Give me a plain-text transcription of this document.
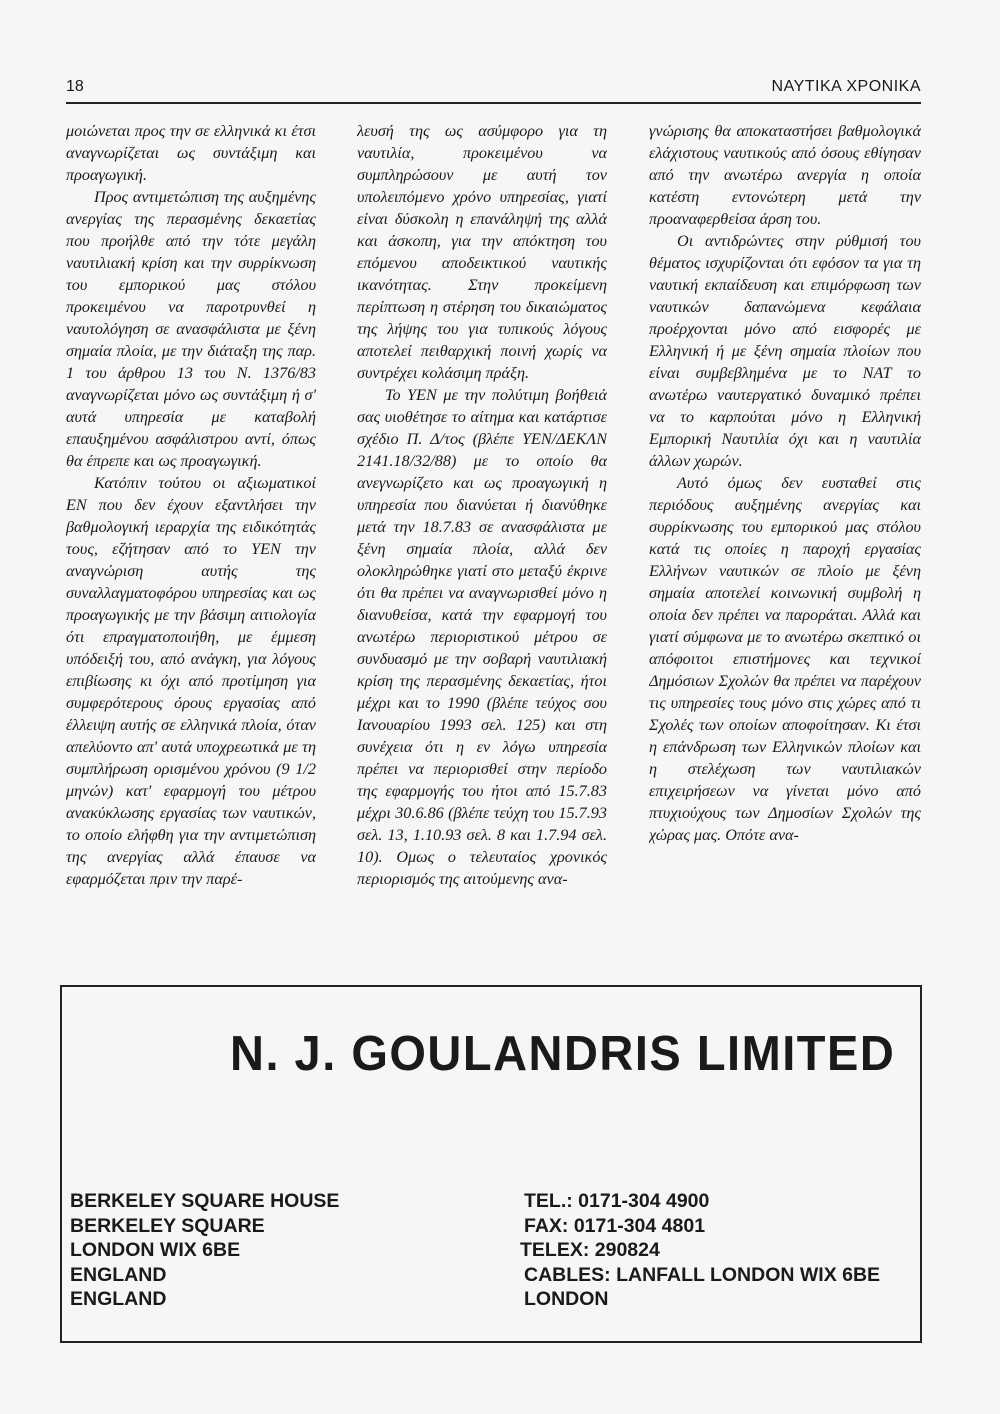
18	ΝΑΥΤΙΚΑ ΧΡΟΝΙΚΑ

μοιώνεται προς την σε ελληνικά κι έτσι αναγνωρίζεται ως συντάξιμη και προαγωγική.

Προς αντιμετώπιση της αυξημένης ανεργίας της περασμένης δεκαετίας που προήλθε από την τότε μεγάλη ναυτιλιακή κρίση και την συρρίκνωση του εμπορικού μας στόλου προκειμένου να παροτρυνθεί η ναυτολόγηση σε ανασφάλιστα με ξένη σημαία πλοία, με την διάταξη της παρ. 1 του άρθρου 13 του Ν. 1376/83 αναγνωρίζεται μόνο ως συντάξιμη ή σ' αυτά υπηρεσία με καταβολή επαυξημένου ασφάλιστρου αντί, όπως θα έπρεπε και ως προαγωγική.

Κατόπιν τούτου οι αξιωματικοί ΕΝ που δεν έχουν εξαντλήσει την βαθμολογική ιεραρχία της ειδικότητάς τους, εζήτησαν από το ΥΕΝ την αναγνώριση αυτής της συναλλαγματοφόρου υπηρεσίας και ως προαγωγικής με την βάσιμη αιτιολογία ότι επραγματοποιήθη, με έμμεση υπόδειξή του, από ανάγκη, για λόγους επιβίωσης κι όχι από προτίμηση για συμφερότερους όρους εργασίας από έλλειψη αυτής σε ελληνικά πλοία, όταν απελύοντο απ' αυτά υποχρεωτικά με τη συμπλήρωση ορισμένου χρόνου (9 1/2 μηνών) κατ' εφαρμογή του μέτρου ανακύκλωσης εργασίας των ναυτικών, το οποίο ελήφθη για την αντιμετώπιση της ανεργίας αλλά έπαυσε να εφαρμόζεται πριν την παρέ-

λευσή της ως ασύμφορο για τη ναυτιλία, προκειμένου να συμπληρώσουν με αυτή τον υπολειπόμενο χρόνο υπηρεσίας, γιατί είναι δύσκολη η επανάληψή της αλλά και άσκοπη, για την απόκτηση του επόμενου αποδεικτικού ναυτικής ικανότητας. Στην προκείμενη περίπτωση η στέρηση του δικαιώματος της λήψης του για τυπικούς λόγους αποτελεί πειθαρχική ποινή χωρίς να συντρέχει κολάσιμη πράξη.

Το ΥΕΝ με την πολύτιμη βοήθειά σας υιοθέτησε το αίτημα και κατάρτισε σχέδιο Π. Δ/τος (βλέπε ΥΕΝ/ΔΕΚΛΝ 2141.18/32/88) με το οποίο θα ανεγνωρίζετο και ως προαγωγική η υπηρεσία που διανύεται ή διανύθηκε μετά την 18.7.83 σε ανασφάλιστα με ξένη σημαία πλοία, αλλά δεν ολοκληρώθηκε γιατί στο μεταξύ έκρινε ότι θα πρέπει να αναγνωρισθεί μόνο η διανυθείσα, κατά την εφαρμογή του ανωτέρω περιοριστικού μέτρου σε συνδυασμό με την σοβαρή ναυτιλιακή κρίση της περασμένης δεκαετίας, ήτοι μέχρι και το 1990 (βλέπε τεύχος σου Ιανουαρίου 1993 σελ. 125) και στη συνέχεια ότι η εν λόγω υπηρεσία πρέπει να περιορισθεί στην περίοδο της εφαρμογής του ήτοι από 15.7.83 μέχρι 30.6.86 (βλέπε τεύχη του 15.7.93 σελ. 13, 1.10.93 σελ. 8 και 1.7.94 σελ. 10). Ομως ο τελευταίος χρονικός περιορισμός της αιτούμενης ανα-

γνώρισης θα αποκαταστήσει βαθμολογικά ελάχιστους ναυτικούς από όσους εθίγησαν από την ανωτέρω ανεργία η οποία κατέστη εντονώτερη μετά την προαναφερθείσα άρση του.

Οι αντιδρώντες στην ρύθμισή του θέματος ισχυρίζονται ότι εφόσον τα για τη ναυτική εκπαίδευση και επιμόρφωση των ναυτικών δαπανώμενα κεφάλαια προέρχονται μόνο από εισφορές με Ελληνική ή με ξένη σημαία πλοίων που είναι συμβεβλημένα με το ΝΑΤ το ανωτέρω ναυτεργατικό δυναμικό πρέπει να το καρπούται μόνο η Ελληνική Εμπορική Ναυτιλία όχι και η ναυτιλία άλλων χωρών.

Αυτό όμως δεν ευσταθεί στις περιόδους αυξημένης ανεργίας και συρρίκνωσης του εμπορικού μας στόλου κατά τις οποίες η παροχή εργασίας Ελλήνων ναυτικών σε πλοίο με ξένη σημαία αποτελεί κοινωνική συμβολή η οποία δεν πρέπει να παροράται. Αλλά και γιατί σύμφωνα με το ανωτέρω σκεπτικό οι απόφοιτοι επιστήμονες και τεχνικοί Δημόσιων Σχολών θα πρέπει να παρέχουν τις υπηρεσίες τους μόνο στις χώρες από τι Σχολές των οποίων αποφοίτησαν. Κι έτσι η επάνδρωση των Ελληνικών πλοίων και η στελέχωση των ναυτιλιακών επιχειρήσεων να γίνεται μόνο από πτυχιούχους των Δημοσίων Σχολών της χώρας μας. Οπότε ανα-

N. J. GOULANDRIS LIMITED
BERKELEY SQUARE HOUSE
BERKELEY SQUARE
LONDON WIX 6BE
ENGLAND
ENGLAND
TEL.: 0171-304 4900
FAX: 0171-304 4801
TELEX: 290824
CABLES: LANFALL LONDON WIX 6BE
LONDON
